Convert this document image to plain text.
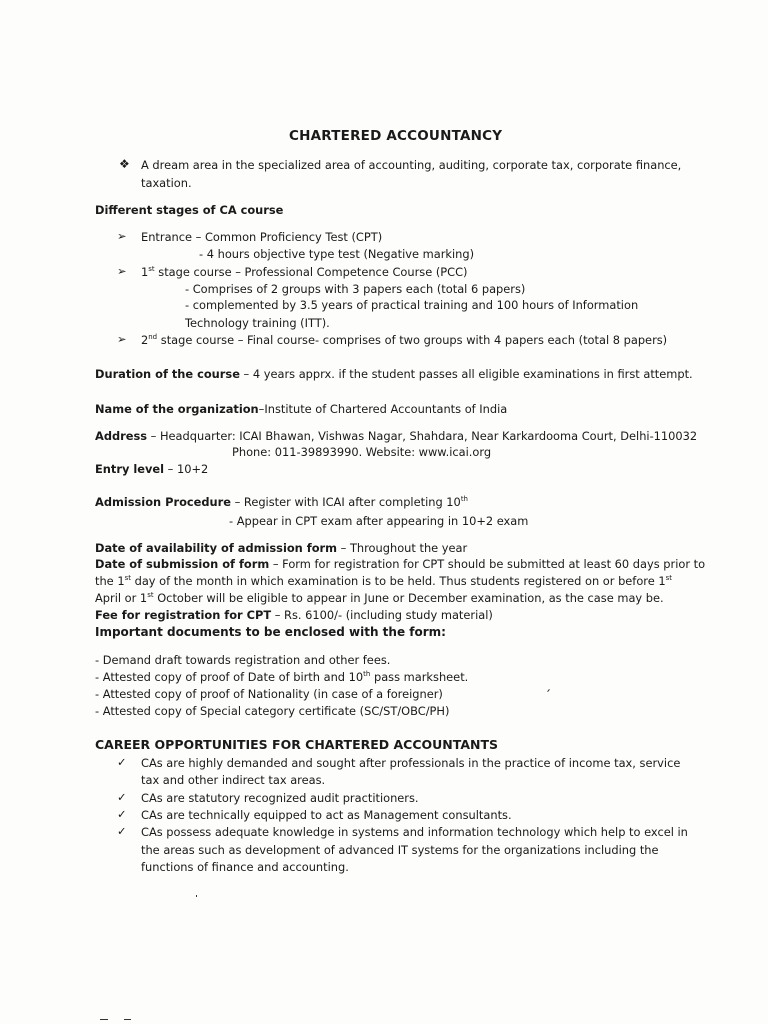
CHARTERED ACCOUNTANCY
❖ A dream area in the specialized area of accounting, auditing, corporate tax, corporate finance,
taxation.
Different stages of CA course
➢ Entrance – Common Proficiency Test (CPT)
- 4 hours objective type test (Negative marking)
➢ 1st stage course – Professional Competence Course (PCC)
- Comprises of 2 groups with 3 papers each (total 6 papers)
- complemented by 3.5 years of practical training and 100 hours of Information
Technology training (ITT).
➢ 2nd stage course – Final course- comprises of two groups with 4 papers each (total 8 papers)
Duration of the course – 4 years apprx. if the student passes all eligible examinations in first attempt.
Name of the organization–Institute of Chartered Accountants of India
Address – Headquarter: ICAI Bhawan, Vishwas Nagar, Shahdara, Near Karkardooma Court, Delhi-110032
Phone: 011-39893990. Website: www.icai.org
Entry level – 10+2
Admission Procedure – Register with ICAI after completing 10th
- Appear in CPT exam after appearing in 10+2 exam
Date of availability of admission form – Throughout the year
Date of submission of form – Form for registration for CPT should be submitted at least 60 days prior to
the 1st day of the month in which examination is to be held. Thus students registered on or before 1st
April or 1st October will be eligible to appear in June or December examination, as the case may be.
Fee for registration for CPT – Rs. 6100/- (including study material)
Important documents to be enclosed with the form:
- Demand draft towards registration and other fees.
- Attested copy of proof of Date of birth and 10th pass marksheet.
- Attested copy of proof of Nationality (in case of a foreigner)
- Attested copy of Special category certificate (SC/ST/OBC/PH)
CAREER OPPORTUNITIES FOR CHARTERED ACCOUNTANTS
✓ CAs are highly demanded and sought after professionals in the practice of income tax, service
tax and other indirect tax areas.
✓ CAs are statutory recognized audit practitioners.
✓ CAs are technically equipped to act as Management consultants.
✓ CAs possess adequate knowledge in systems and information technology which help to excel in
the areas such as development of advanced IT systems for the organizations including the
functions of finance and accounting.
